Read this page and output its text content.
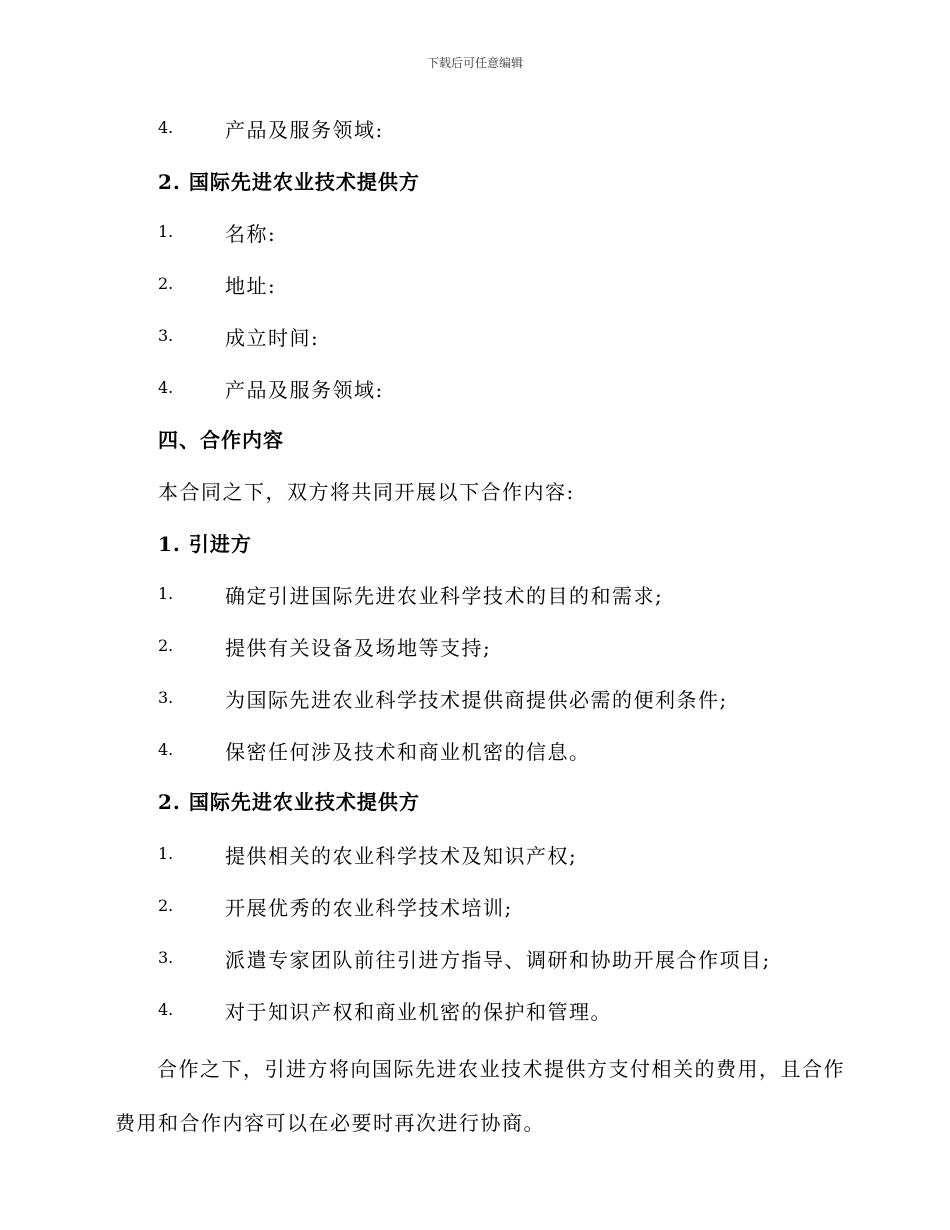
下载后可任意编辑
4.	产品及服务领域:
2. 国际先进农业技术提供方
1.	名称:
2.	地址:
3.	成立时间:
4.	产品及服务领域:
四、合作内容
本合同之下，双方将共同开展以下合作内容:
1. 引进方
1.	确定引进国际先进农业科学技术的目的和需求;
2.	提供有关设备及场地等支持;
3.	为国际先进农业科学技术提供商提供必需的便利条件;
4.	保密任何涉及技术和商业机密的信息。
2. 国际先进农业技术提供方
1.	提供相关的农业科学技术及知识产权;
2.	开展优秀的农业科学技术培训;
3.	派遣专家团队前往引进方指导、调研和协助开展合作项目;
4.	对于知识产权和商业机密的保护和管理。
合作之下，引进方将向国际先进农业技术提供方支付相关的费用，且合作费用和合作内容可以在必要时再次进行协商。
